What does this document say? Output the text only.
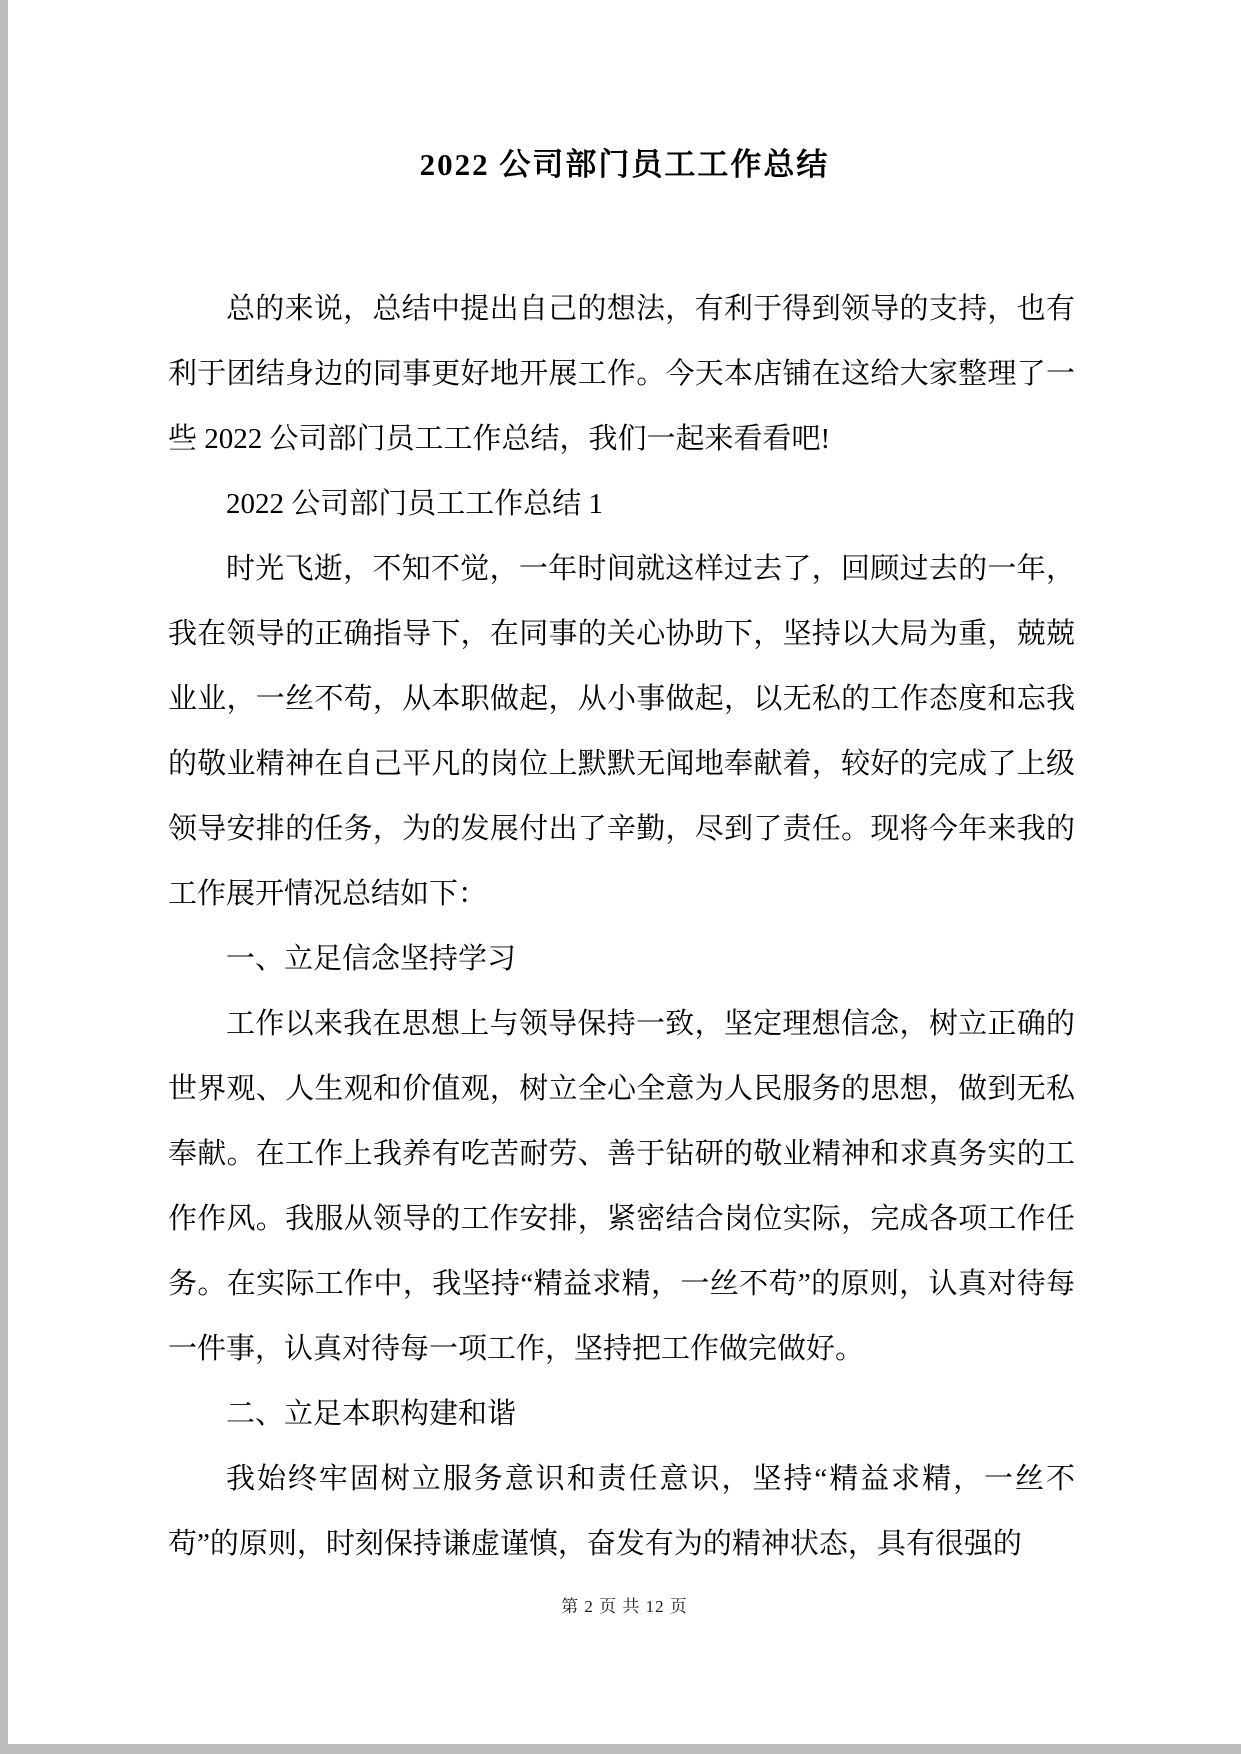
2022 公司部门员工工作总结

总的来说，总结中提出自己的想法，有利于得到领导的支持，也有利于团结身边的同事更好地开展工作。今天本店铺在这给大家整理了一些 2022 公司部门员工工作总结，我们一起来看看吧!

2022 公司部门员工工作总结 1

时光飞逝，不知不觉，一年时间就这样过去了，回顾过去的一年，我在领导的正确指导下，在同事的关心协助下，坚持以大局为重，兢兢业业，一丝不苟，从本职做起，从小事做起，以无私的工作态度和忘我的敬业精神在自己平凡的岗位上默默无闻地奉献着，较好的完成了上级领导安排的任务，为的发展付出了辛勤，尽到了责任。现将今年来我的工作展开情况总结如下：

一、立足信念坚持学习

工作以来我在思想上与领导保持一致，坚定理想信念，树立正确的世界观、人生观和价值观，树立全心全意为人民服务的思想，做到无私奉献。在工作上我养有吃苦耐劳、善于钻研的敬业精神和求真务实的工作作风。我服从领导的工作安排，紧密结合岗位实际，完成各项工作任务。在实际工作中，我坚持“精益求精，一丝不苟”的原则，认真对待每一件事，认真对待每一项工作，坚持把工作做完做好。

二、立足本职构建和谐

我始终牢固树立服务意识和责任意识，坚持“精益求精，一丝不苟”的原则，时刻保持谦虚谨慎，奋发有为的精神状态，具有很强的

第 2 页 共 12 页
